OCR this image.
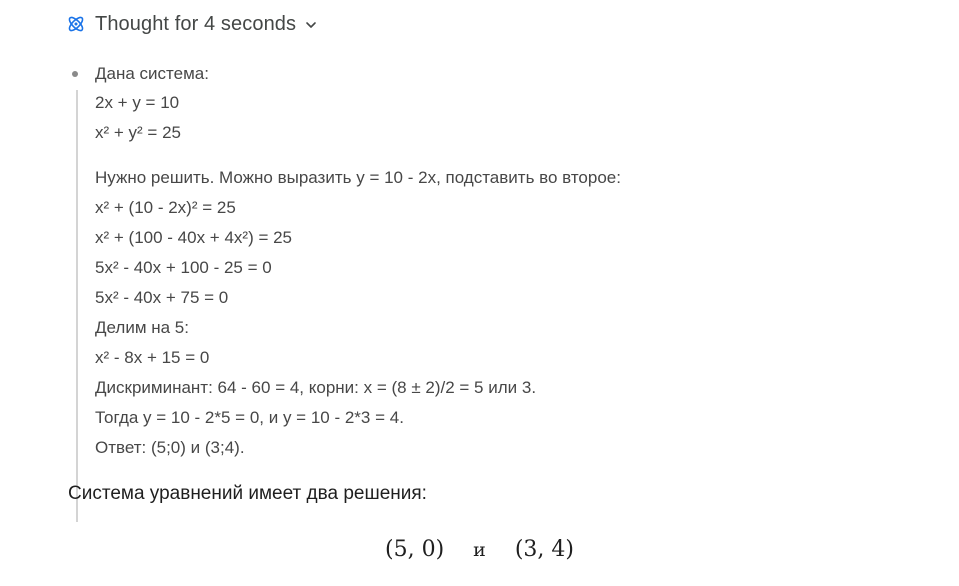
Thought for 4 seconds
Дана система:
2x + y = 10
x² + y² = 25
Нужно решить. Можно выразить y = 10 - 2x, подставить во второе:
x² + (10 - 2x)² = 25
x² + (100 - 40x + 4x²) = 25
5x² - 40x + 100 - 25 = 0
5x² - 40x + 75 = 0
Делим на 5:
x² - 8x + 15 = 0
Дискриминант: 64 - 60 = 4, корни: x = (8 ± 2)/2 = 5 или 3.
Тогда y = 10 - 2*5 = 0, и y = 10 - 2*3 = 4.
Ответ: (5;0) и (3;4).
Система уравнений имеет два решения:
(5, 0) и (3, 4)
